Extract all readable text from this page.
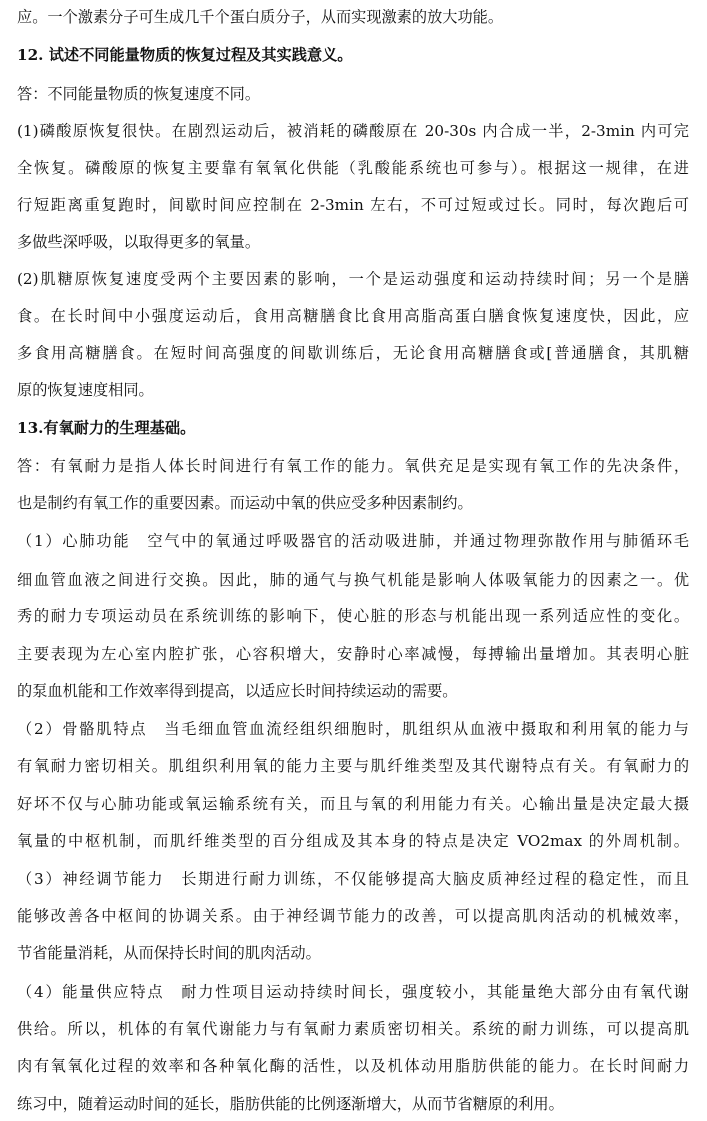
应。一个激素分子可生成几千个蛋白质分子，从而实现激素的放大功能。
12. 试述不同能量物质的恢复过程及其实践意义。
答：不同能量物质的恢复速度不同。
(1)磷酸原恢复很快。在剧烈运动后，被消耗的磷酸原在 20-30s 内合成一半，2-3min 内可完
全恢复。磷酸原的恢复主要靠有氧氧化供能（乳酸能系统也可参与）。根据这一规律，在进
行短距离重复跑时，间歇时间应控制在 2-3min 左右，不可过短或过长。同时，每次跑后可
多做些深呼吸，以取得更多的氧量。
(2)肌糖原恢复速度受两个主要因素的影响，一个是运动强度和运动持续时间；另一个是膳
食。在长时间中小强度运动后，食用高糖膳食比食用高脂高蛋白膳食恢复速度快，因此，应
多食用高糖膳食。在短时间高强度的间歇训练后，无论食用高糖膳食或[普通膳食，其肌糖
原的恢复速度相同。
13.有氧耐力的生理基础。
答：有氧耐力是指人体长时间进行有氧工作的能力。氧供充足是实现有氧工作的先决条件，
也是制约有氧工作的重要因素。而运动中氧的供应受多种因素制约。
（1）心肺功能　空气中的氧通过呼吸器官的活动吸进肺，并通过物理弥散作用与肺循环毛
细血管血液之间进行交换。因此，肺的通气与换气机能是影响人体吸氧能力的因素之一。优
秀的耐力专项运动员在系统训练的影响下，使心脏的形态与机能出现一系列适应性的变化。
主要表现为左心室内腔扩张，心容积增大，安静时心率减慢，每搏输出量增加。其表明心脏
的泵血机能和工作效率得到提高，以适应长时间持续运动的需要。
（2）骨骼肌特点　当毛细血管血流经组织细胞时，肌组织从血液中摄取和利用氧的能力与
有氧耐力密切相关。肌组织利用氧的能力主要与肌纤维类型及其代谢特点有关。有氧耐力的
好坏不仅与心肺功能或氧运输系统有关，而且与氧的利用能力有关。心输出量是决定最大摄
氧量的中枢机制，而肌纤维类型的百分组成及其本身的特点是决定 VO2max 的外周机制。
（3）神经调节能力　长期进行耐力训练，不仅能够提高大脑皮质神经过程的稳定性，而且
能够改善各中枢间的协调关系。由于神经调节能力的改善，可以提高肌肉活动的机械效率，
节省能量消耗，从而保持长时间的肌肉活动。
（4）能量供应特点　耐力性项目运动持续时间长，强度较小，其能量绝大部分由有氧代谢
供给。所以，机体的有氧代谢能力与有氧耐力素质密切相关。系统的耐力训练，可以提高肌
肉有氧氧化过程的效率和各种氧化酶的活性，以及机体动用脂肪供能的能力。在长时间耐力
练习中，随着运动时间的延长，脂肪供能的比例逐渐增大，从而节省糖原的利用。
